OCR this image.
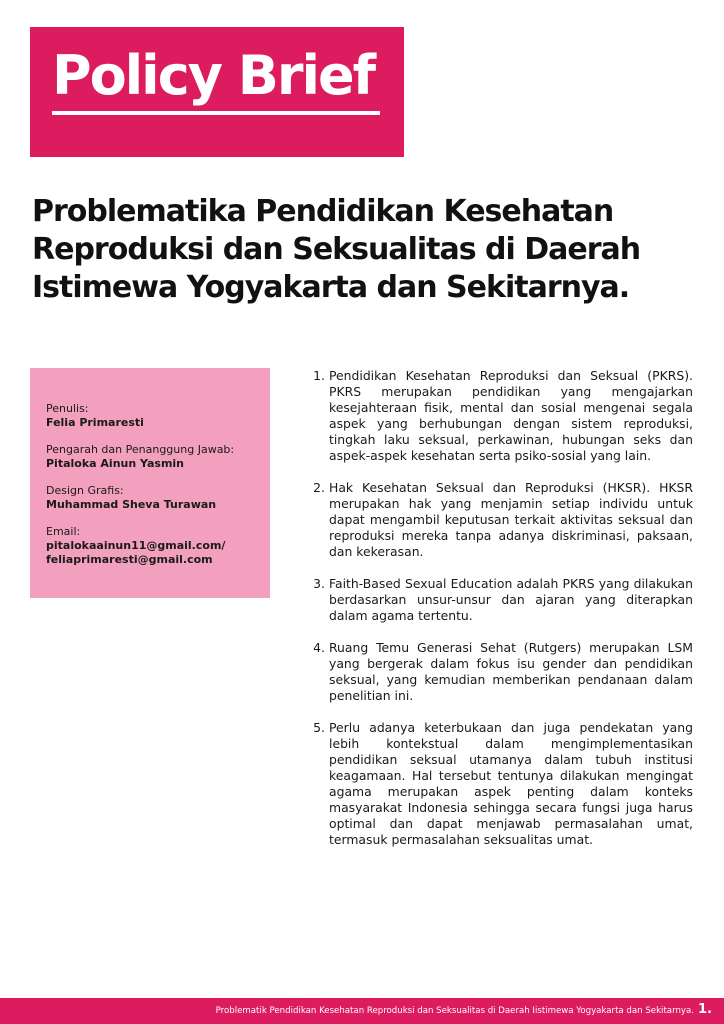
Policy Brief
Problematika Pendidikan Kesehatan
Reproduksi dan Seksualitas di Daerah
Istimewa Yogyakarta dan Sekitarnya.
Penulis:
Felia Primaresti
Pengarah dan Penanggung Jawab:
Pitaloka Ainun Yasmin
Design Grafis:
Muhammad Sheva Turawan
Email:
pitalokaainun11@gmail.com/
feliaprimaresti@gmail.com
1. Pendidikan Kesehatan Reproduksi dan Seksual (PKRS). PKRS merupakan pendidikan yang mengajarkan kesejahteraan fisik, mental dan sosial mengenai segala aspek yang berhubungan dengan sistem reproduksi, tingkah laku seksual, perkawinan, hubungan seks dan aspek-aspek kesehatan serta psiko-sosial yang lain.
2. Hak Kesehatan Seksual dan Reproduksi (HKSR). HKSR merupakan hak yang menjamin setiap individu untuk dapat mengambil keputusan terkait aktivitas seksual dan reproduksi mereka tanpa adanya diskriminasi, paksaan, dan kekerasan.
3. Faith-Based Sexual Education adalah PKRS yang dilakukan berdasarkan unsur-unsur dan ajaran yang diterapkan dalam agama tertentu.
4. Ruang Temu Generasi Sehat (Rutgers) merupakan LSM yang bergerak dalam fokus isu gender dan pendidikan seksual, yang kemudian memberikan pendanaan dalam penelitian ini.
5. Perlu adanya keterbukaan dan juga pendekatan yang lebih kontekstual dalam mengimplementasikan pendidikan seksual utamanya dalam tubuh institusi keagamaan. Hal tersebut tentunya dilakukan mengingat agama merupakan aspek penting dalam konteks masyarakat Indonesia sehingga secara fungsi juga harus optimal dan dapat menjawab permasalahan umat, termasuk permasalahan seksualitas umat.
Problematik Pendidikan Kesehatan Reproduksi dan Seksualitas di Daerah Iistimewa Yogyakarta dan Sekitarnya. 1.
